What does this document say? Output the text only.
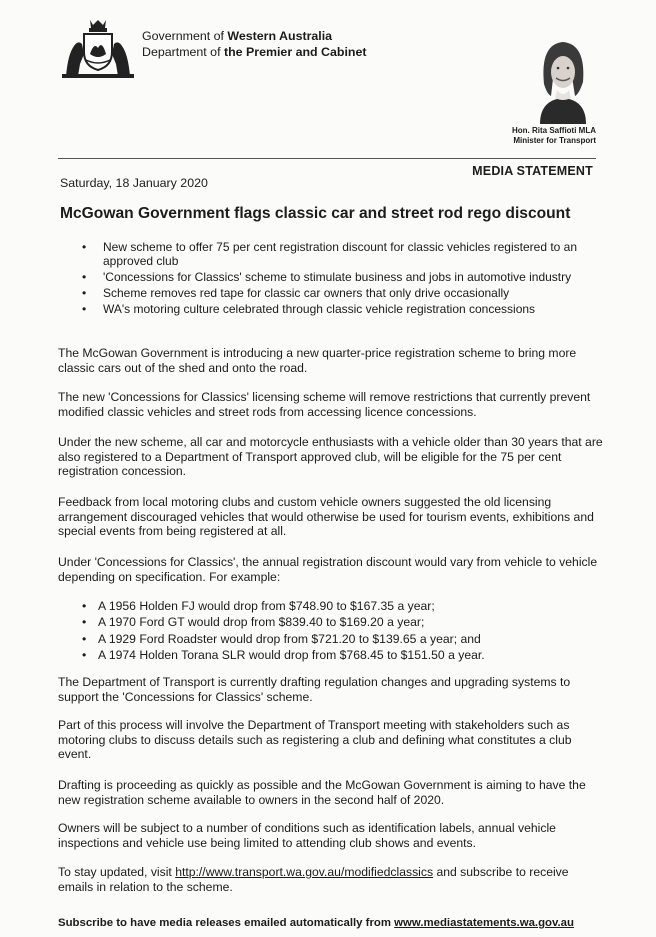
Government of Western Australia
Department of the Premier and Cabinet
Hon. Rita Saffioti MLA
Minister for Transport
MEDIA STATEMENT
Saturday, 18 January 2020
McGowan Government flags classic car and street rod rego discount
• New scheme to offer 75 per cent registration discount for classic vehicles registered to an approved club
• 'Concessions for Classics' scheme to stimulate business and jobs in automotive industry
• Scheme removes red tape for classic car owners that only drive occasionally
• WA's motoring culture celebrated through classic vehicle registration concessions

The McGowan Government is introducing a new quarter-price registration scheme to bring more classic cars out of the shed and onto the road.

The new 'Concessions for Classics' licensing scheme will remove restrictions that currently prevent modified classic vehicles and street rods from accessing licence concessions.

Under the new scheme, all car and motorcycle enthusiasts with a vehicle older than 30 years that are also registered to a Department of Transport approved club, will be eligible for the 75 per cent registration concession.

Feedback from local motoring clubs and custom vehicle owners suggested the old licensing arrangement discouraged vehicles that would otherwise be used for tourism events, exhibitions and special events from being registered at all.

Under 'Concessions for Classics', the annual registration discount would vary from vehicle to vehicle depending on specification. For example:

• A 1956 Holden FJ would drop from $748.90 to $167.35 a year;
• A 1970 Ford GT would drop from $839.40 to $169.20 a year;
• A 1929 Ford Roadster would drop from $721.20 to $139.65 a year; and
• A 1974 Holden Torana SLR would drop from $768.45 to $151.50 a year.

The Department of Transport is currently drafting regulation changes and upgrading systems to support the 'Concessions for Classics' scheme.

Part of this process will involve the Department of Transport meeting with stakeholders such as motoring clubs to discuss details such as registering a club and defining what constitutes a club event.

Drafting is proceeding as quickly as possible and the McGowan Government is aiming to have the new registration scheme available to owners in the second half of 2020.

Owners will be subject to a number of conditions such as identification labels, annual vehicle inspections and vehicle use being limited to attending club shows and events.

To stay updated, visit http://www.transport.wa.gov.au/modifiedclassics and subscribe to receive emails in relation to the scheme.

Subscribe to have media releases emailed automatically from www.mediastatements.wa.gov.au
